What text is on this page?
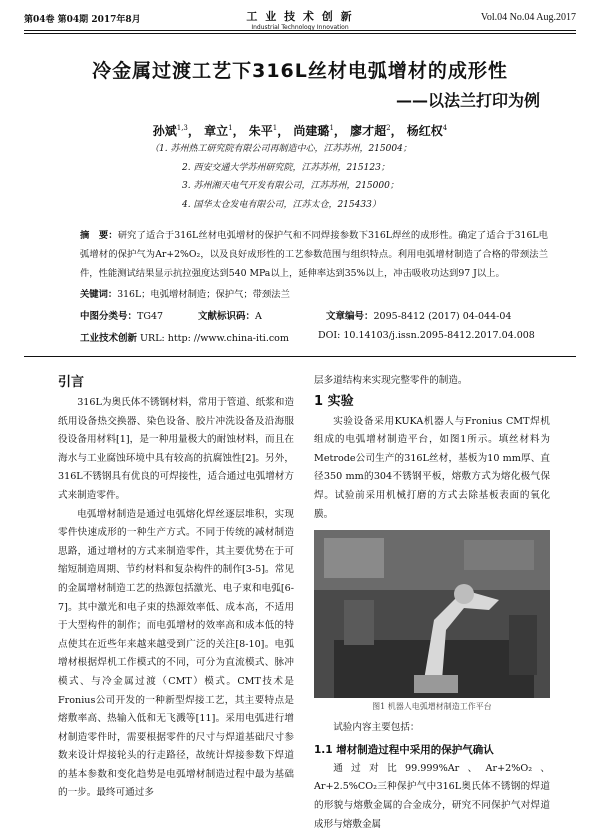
第04卷 第04期 2017年8月	工 业 技 术 创 新
Industrial Technology Innovation
Vol.04 No.04 Aug.2017
冷金属过渡工艺下316L丝材电弧增材的成形性
——以法兰打印为例
孙斌$^{1,3}$， 章立$^1$， 朱平$^1$， 尚建璐$^1$， 廖才超$^2$， 杨红权$^4$
（1. 苏州热工研究院有限公司再制造中心，江苏苏州，215004；
2. 西安交通大学苏州研究院，江苏苏州，215123；
3. 苏州湘天电气开发有限公司，江苏苏州，215000；
4. 国华太仓发电有限公司，江苏太仓，215433）
摘　要：研究了适合于316L丝材电弧增材的保护气和不同焊接参数下316L焊丝的成形性。确定了适合于316L电弧增材的保护气为Ar+2%O₂，以及良好成形性的工艺参数范围与组织特点。利用电弧增材制造了合格的带颈法兰件，性能测试结果显示抗拉强度达到540 MPa以上，延伸率达到35%以上，冲击吸收功达到97 J以上。
关键词：316L；电弧增材制造；保护气；带颈法兰
中图分类号：TG47	文献标识码：A	文章编号：2095-8412 (2017) 04-044-04
工业技术创新 URL: http: //www.china-iti.com	DOI: 10.14103/j.issn.2095-8412.2017.04.008
引言

316L为奥氏体不锈钢材料，常用于管道、纸浆和造纸用设备热交换器、染色设备、胶片冲洗设备及沿海服役设备用材料[1]，是一种用量极大的耐蚀材料，而且在海水与工业腐蚀环境中具有较高的抗腐蚀性[2]。另外，316L不锈钢具有优良的可焊接性，适合通过电弧增材方式来制造零件。

电弧增材制造是通过电弧熔化焊丝逐层堆积，实现零件快速成形的一种生产方式。不同于传统的减材制造思路，通过增材的方式来制造零件，其主要优势在于可缩短制造周期、节约材料和复杂构件的制作[3-5]。常见的金属增材制造工艺的热源包括激光、电子束和电弧[6-7]。其中激光和电子束的热源效率低、成本高，不适用于大型构件的制作；而电弧增材的效率高和成本低的特点使其在近些年来越来越受到广泛的关注[8-10]。电弧增材根据焊机工作模式的不同，可分为直流模式、脉冲模式、与冷金属过渡（CMT）模式。CMT技术是Fronius公司开发的一种新型焊接工艺，其主要特点是熔敷率高、热输入低和无飞溅等[11]。采用电弧进行增材制造零件时，需要根据零件的尺寸与焊道基础尺寸参数来设计焊接轮头的行走路径，故统计焊接参数下焊道的基本参数和变化趋势是电弧增材制造过程中最为基础的一步。最终可通过多

层多道结构来实现完整零件的制造。

1 实验

实验设备采用KUKA机器人与Fronius CMT焊机组成的电弧增材制造平台，如图1所示。填丝材料为Metrode公司生产的316L丝材，基板为10 mm厚、直径350 mm的304不锈钢平板，熔敷方式为熔化极气保焊。试验前采用机械打磨的方式去除基板表面的氧化膜。

图1 机器人电弧增材制造工作平台

试验内容主要包括：

1.1 增材制造过程中采用的保护气确认

通过对比99.999%Ar、Ar+2%O₂、Ar+2.5%CO₂三种保护气中316L奥氏体不锈钢的焊道的形貌与熔敷金属的合金成分，研究不同保护气对焊道成形与熔敷金属
